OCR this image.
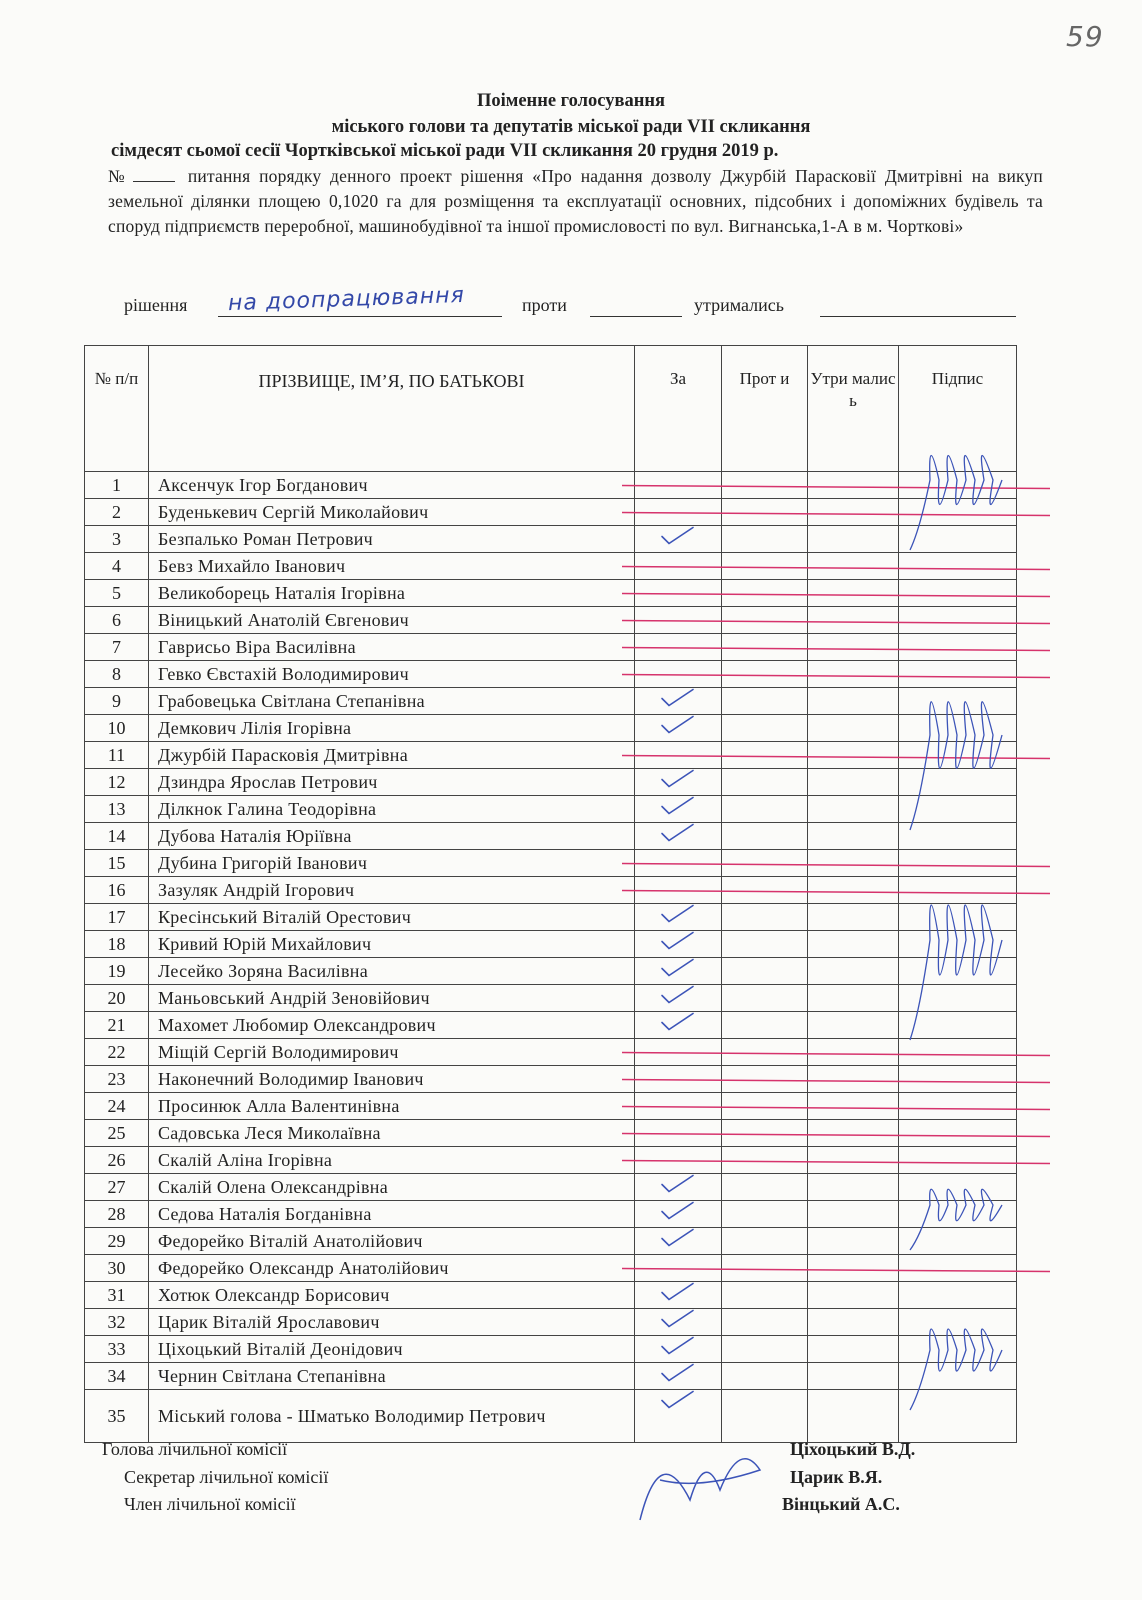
59
Поіменне голосування
міського голови та депутатів міської ради VII скликання
сімдесят сьомої сесії Чортківської міської ради VII скликання 20 грудня 2019 р.
№	питання порядку денного проект рішення «Про надання дозволу Джурбій Парасковії Дмитрівні на викуп земельної ділянки площею 0,1020 га для розміщення та експлуатації основних, підсобних і допоміжних будівель та споруд підприємств переробної, машинобудівної та іншої промисловості по вул. Вигнанська,1-А в м. Чорткові»
рішення на доопрацювання	проти	утримались
№ п/п	ПРІЗВИЩЕ, ІМ’Я, ПО БАТЬКОВІ	За	Прот и	Утри малис ь	Підпис
1	Аксенчук Ігор Богданович				
2	Буденькевич Сергій Миколайович				
3	Безпалько Роман Петрович				
4	Бевз Михайло Іванович				
5	Великоборець Наталія Ігорівна				
6	Віницький Анатолій Євгенович				
7	Гаврисьо Віра Василівна				
8	Гевко Євстахій Володимирович				
9	Грабовецька Світлана Степанівна				
10	Демкович Лілія Ігорівна				
11	Джурбій Парасковія Дмитрівна				
12	Дзиндра Ярослав Петрович				
13	Ділкнок Галина Теодорівна				
14	Дубова Наталія Юріївна				
15	Дубина Григорій Іванович				
16	Зазуляк Андрій Ігорович				
17	Кресінський Віталій Орестович				
18	Кривий Юрій Михайлович				
19	Лесейко Зоряна Василівна				
20	Маньовський Андрій Зеновійович				
21	Махомет Любомир Олександрович				
22	Міщій Сергій Володимирович				
23	Наконечний Володимир Іванович				
24	Просинюк Алла Валентинівна				
25	Садовська Леся Миколаївна				
26	Скалій Аліна Ігорівна				
27	Скалій Олена Олександрівна				
28	Седова Наталія Богданівна				
29	Федорейко Віталій Анатолійович				
30	Федорейко Олександр Анатолійович				
31	Хотюк Олександр Борисович				
32	Царик Віталій Ярославович				
33	Ціхоцький Віталій Деонідович				
34	Чернин Світлана Степанівна				
35	Міський голова - Шматько Володимир Петрович				
Голова лічильної комісії
Секретар лічильної комісії
Член лічильної комісії
Ціхоцький В.Д.
Царик В.Я.
Вінцький А.С.
